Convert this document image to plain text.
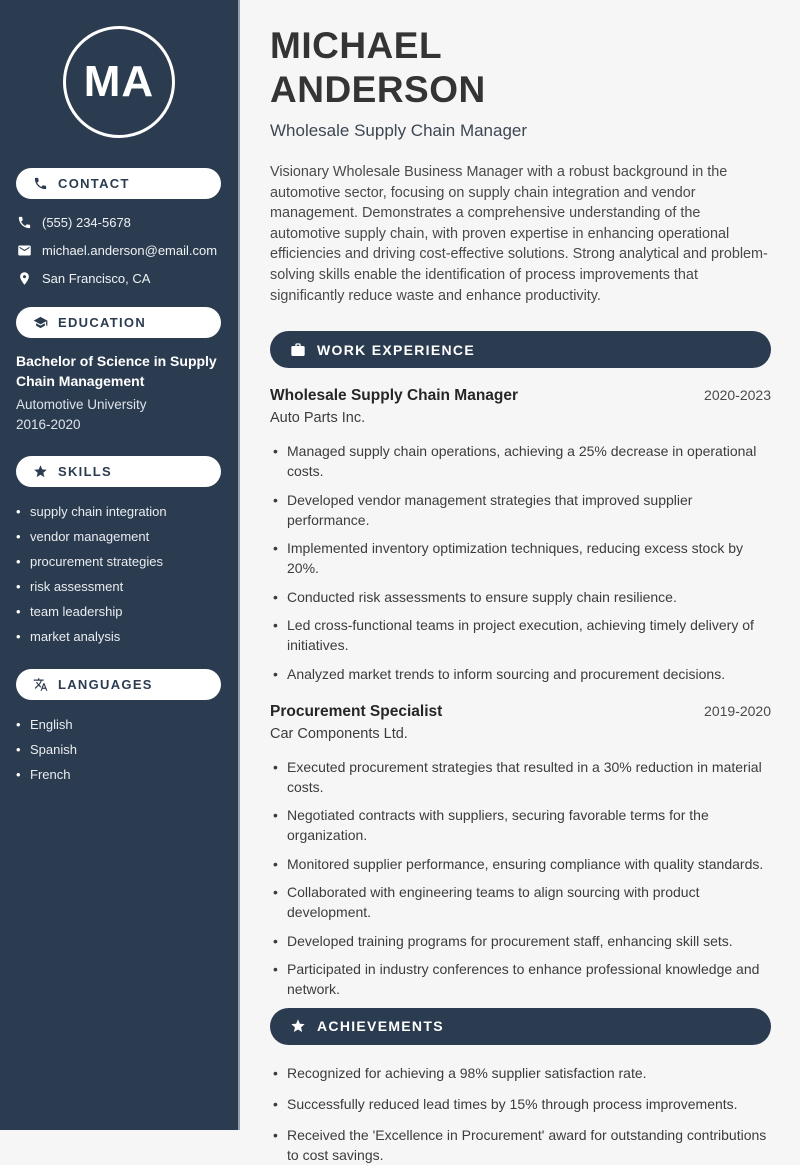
MA
CONTACT
(555) 234-5678
michael.anderson@email.com
San Francisco, CA
EDUCATION
Bachelor of Science in Supply Chain Management
Automotive University
2016-2020
SKILLS
• supply chain integration
• vendor management
• procurement strategies
• risk assessment
• team leadership
• market analysis
LANGUAGES
• English
• Spanish
• French
MICHAEL
ANDERSON
Wholesale Supply Chain Manager

Visionary Wholesale Business Manager with a robust background in the automotive sector, focusing on supply chain integration and vendor management. Demonstrates a comprehensive understanding of the automotive supply chain, with proven expertise in enhancing operational efficiencies and driving cost-effective solutions. Strong analytical and problem-solving skills enable the identification of process improvements that significantly reduce waste and enhance productivity.

WORK EXPERIENCE
Wholesale Supply Chain Manager	2020-2023
Auto Parts Inc.
• Managed supply chain operations, achieving a 25% decrease in operational costs.
• Developed vendor management strategies that improved supplier performance.
• Implemented inventory optimization techniques, reducing excess stock by 20%.
• Conducted risk assessments to ensure supply chain resilience.
• Led cross-functional teams in project execution, achieving timely delivery of initiatives.
• Analyzed market trends to inform sourcing and procurement decisions.
Procurement Specialist	2019-2020
Car Components Ltd.
• Executed procurement strategies that resulted in a 30% reduction in material costs.
• Negotiated contracts with suppliers, securing favorable terms for the organization.
• Monitored supplier performance, ensuring compliance with quality standards.
• Collaborated with engineering teams to align sourcing with product development.
• Developed training programs for procurement staff, enhancing skill sets.
• Participated in industry conferences to enhance professional knowledge and network.
ACHIEVEMENTS
• Recognized for achieving a 98% supplier satisfaction rate.
• Successfully reduced lead times by 15% through process improvements.
• Received the 'Excellence in Procurement' award for outstanding contributions to cost savings.
